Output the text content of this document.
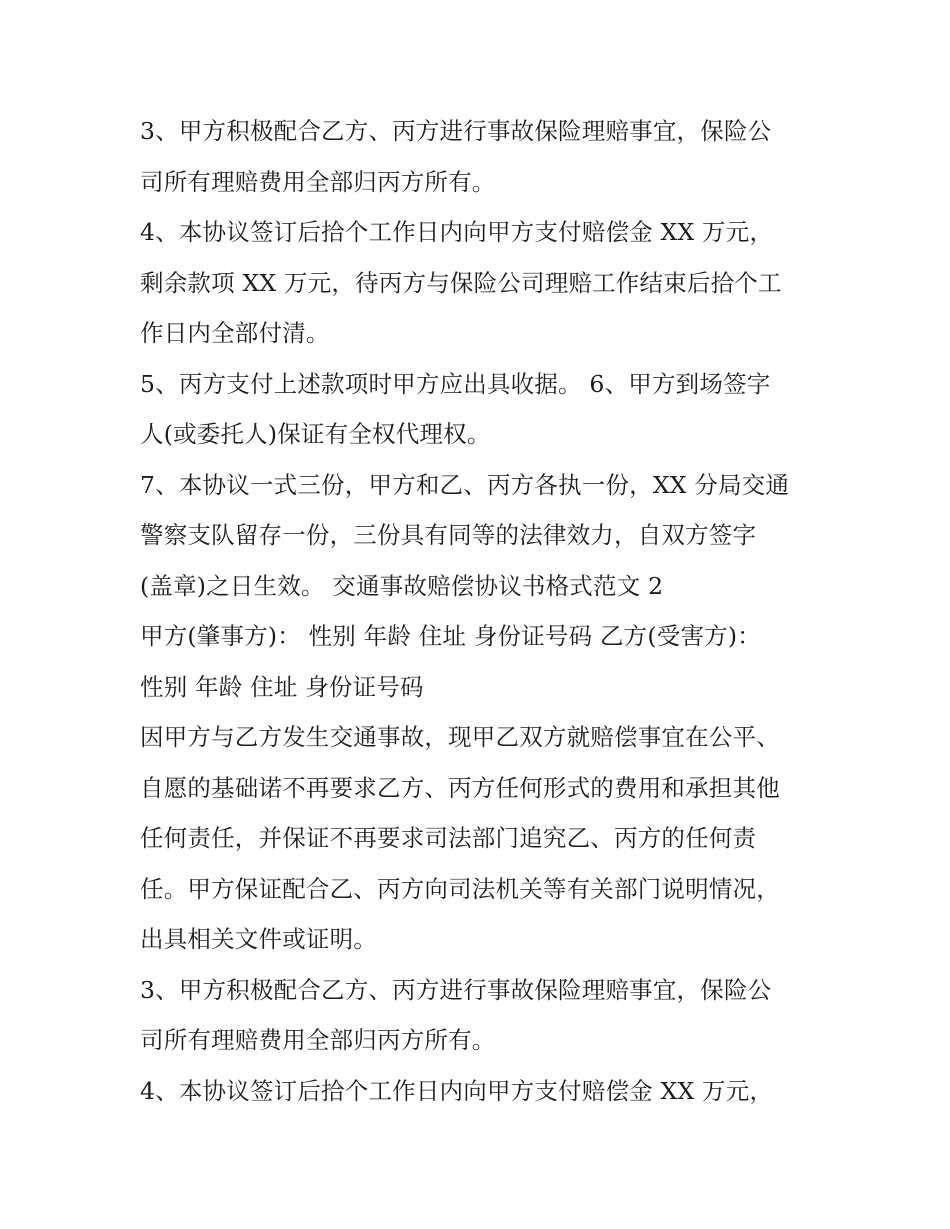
3、甲方积极配合乙方、丙方进行事故保险理赔事宜，保险公
司所有理赔费用全部归丙方所有。
4、本协议签订后拾个工作日内向甲方支付赔偿金 XX 万元，
剩余款项 XX 万元，待丙方与保险公司理赔工作结束后拾个工
作日内全部付清。
5、丙方支付上述款项时甲方应出具收据。 6、甲方到场签字
人(或委托人)保证有全权代理权。
7、本协议一式三份，甲方和乙、丙方各执一份，XX 分局交通
警察支队留存一份，三份具有同等的法律效力，自双方签字
(盖章)之日生效。 交通事故赔偿协议书格式范文 2
甲方(肇事方)： 性别 年龄 住址 身份证号码 乙方(受害方)：
性别 年龄 住址 身份证号码
因甲方与乙方发生交通事故，现甲乙双方就赔偿事宜在公平、
自愿的基础诺不再要求乙方、丙方任何形式的费用和承担其他
任何责任，并保证不再要求司法部门追究乙、丙方的任何责
任。甲方保证配合乙、丙方向司法机关等有关部门说明情况，
出具相关文件或证明。
3、甲方积极配合乙方、丙方进行事故保险理赔事宜，保险公
司所有理赔费用全部归丙方所有。
4、本协议签订后拾个工作日内向甲方支付赔偿金 XX 万元，
